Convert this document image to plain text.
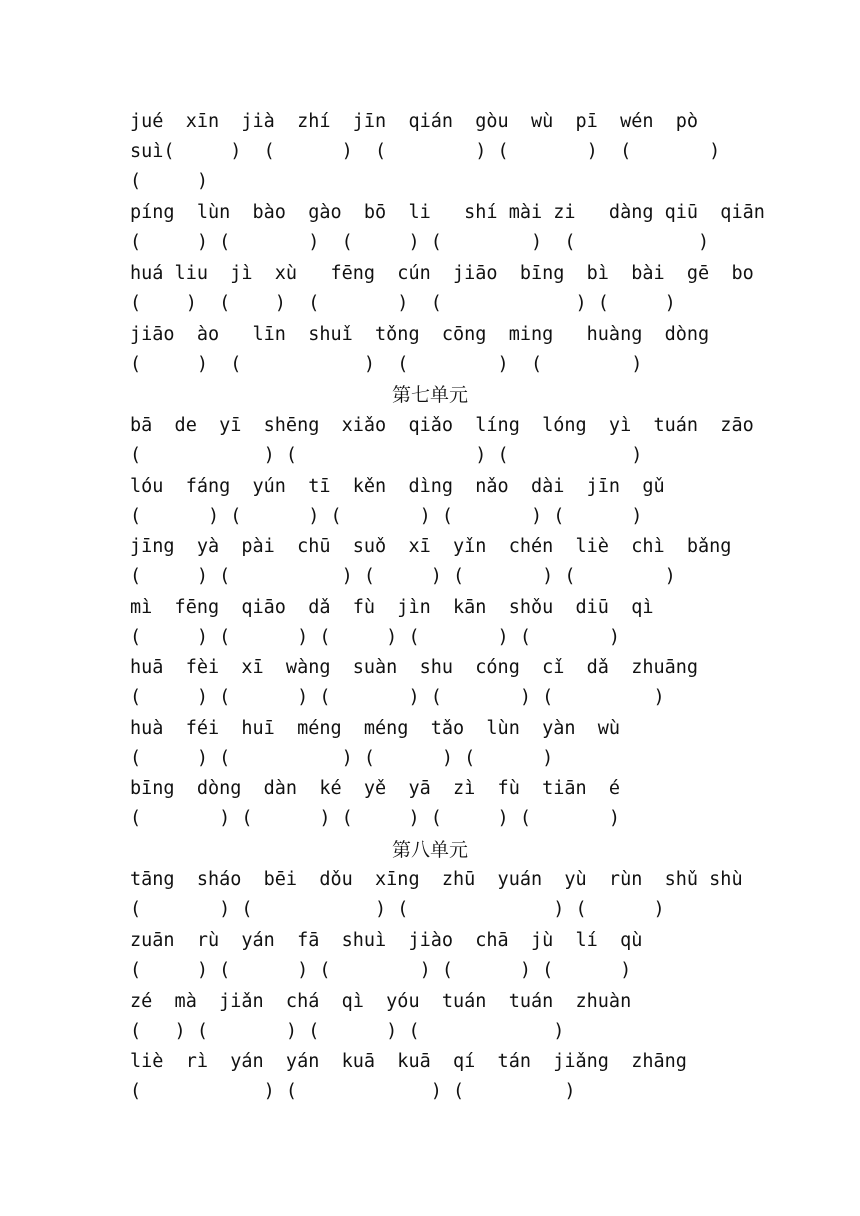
jué  xīn  jià  zhí  jīn  qián  gòu  wù  pī  wén  pò
suì(     )  (      )  (        ) (       )  (       )
(     )
píng  lùn  bào  gào  bō  li   shí mài zi   dàng qiū  qiān
(     ) (       )  (     ) (        )  (           )
huá liu  jì  xù   fēng  cún  jiāo  bīng  bì  bài  gē  bo
(    )  (    )  (       )  (            ) (     )
jiāo  ào   līn  shuǐ  tǒng  cōng  ming   huàng  dòng
(     )  (           )  (        )  (        )
第七单元
bā  de  yī  shēng  xiǎo  qiǎo  líng  lóng  yì  tuán  zāo
(           ) (                ) (           )
lóu  fáng  yún  tī  kěn  dìng  nǎo  dài  jīn  gǔ
(      ) (      ) (       ) (       ) (      )
jīng  yà  pài  chū  suǒ  xī  yǐn  chén  liè  chì  bǎng
(     ) (          ) (     ) (       ) (        )
mì  fēng  qiāo  dǎ  fù  jìn  kān  shǒu  diū  qì
(     ) (      ) (     ) (       ) (       )
huā  fèi  xī  wàng  suàn  shu  cóng  cǐ  dǎ  zhuāng
(     ) (      ) (       ) (       ) (         )
huà  féi  huī  méng  méng  tǎo  lùn  yàn  wù
(     ) (          ) (      ) (      )
bīng  dòng  dàn  ké  yě  yā  zì  fù  tiān  é
(       ) (      ) (     ) (     ) (       )
第八单元
tāng  sháo  bēi  dǒu  xīng  zhū  yuán  yù  rùn  shǔ shù
(       ) (           ) (             ) (      )
zuān  rù  yán  fā  shuì  jiào  chā  jù  lí  qù
(     ) (      ) (        ) (      ) (      )
zé  mà  jiǎn  chá  qì  yóu  tuán  tuán  zhuàn
(   ) (       ) (      ) (            )
liè  rì  yán  yán  kuā  kuā  qí  tán  jiǎng  zhāng
(           ) (            ) (         )
